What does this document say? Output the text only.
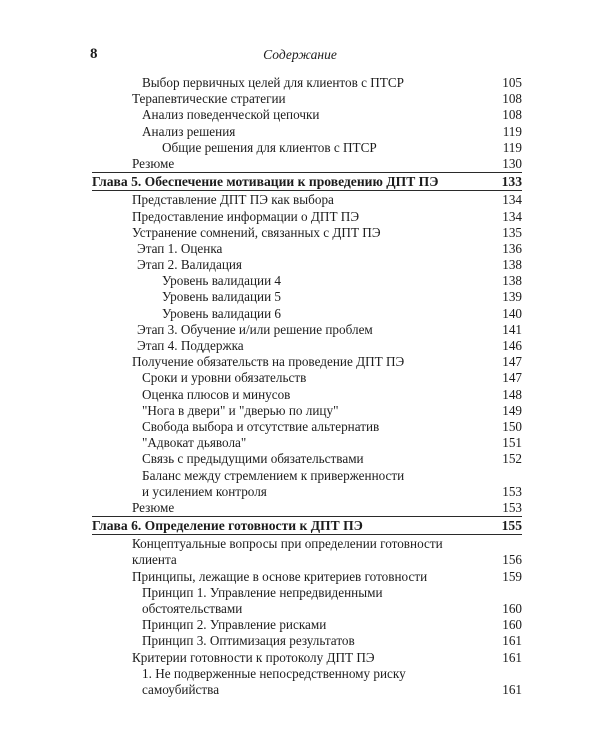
8	Содержание
Выбор первичных целей для клиентов с ПТСР	105
Терапевтические стратегии	108
Анализ поведенческой цепочки	108
Анализ решения	119
Общие решения для клиентов с ПТСР	119
Резюме	130
Глава 5. Обеспечение мотивации к проведению ДПТ ПЭ	133
Представление ДПТ ПЭ как выбора	134
Предоставление информации о ДПТ ПЭ	134
Устранение сомнений, связанных с ДПТ ПЭ	135
Этап 1. Оценка	136
Этап 2. Валидация	138
Уровень валидации 4	138
Уровень валидации 5	139
Уровень валидации 6	140
Этап 3. Обучение и/или решение проблем	141
Этап 4. Поддержка	146
Получение обязательств на проведение ДПТ ПЭ	147
Сроки и уровни обязательств	147
Оценка плюсов и минусов	148
"Нога в двери" и "дверью по лицу"	149
Свобода выбора и отсутствие альтернатив	150
"Адвокат дьявола"	151
Связь с предыдущими обязательствами	152
Баланс между стремлением к приверженности
и усилением контроля	153
Резюме	153
Глава 6. Определение готовности к ДПТ ПЭ	155
Концептуальные вопросы при определении готовности
клиента	156
Принципы, лежащие в основе критериев готовности	159
Принцип 1. Управление непредвиденными
обстоятельствами	160
Принцип 2. Управление рисками	160
Принцип 3. Оптимизация результатов	161
Критерии готовности к протоколу ДПТ ПЭ	161
1. Не подверженные непосредственному риску
самоубийства	161
